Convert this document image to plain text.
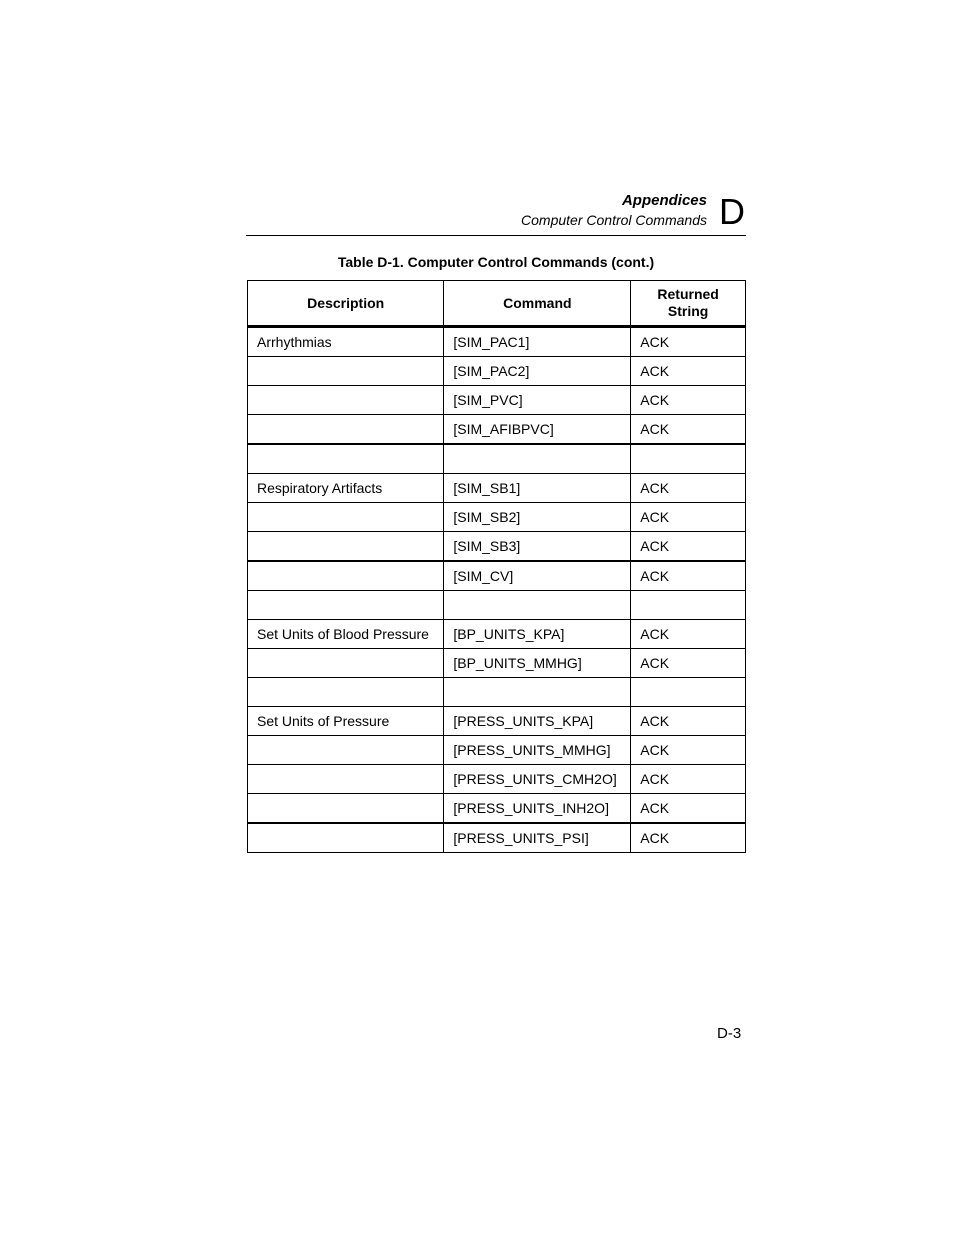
Appendices
Computer Control Commands D
Table D-1. Computer Control Commands (cont.)
Description	Command	Returned
String
Arrhythmias	[SIM_PAC1]	ACK
	[SIM_PAC2]	ACK
	[SIM_PVC]	ACK
	[SIM_AFIBPVC]	ACK

Respiratory Artifacts	[SIM_SB1]	ACK
	[SIM_SB2]	ACK
	[SIM_SB3]	ACK
	[SIM_CV]	ACK

Set Units of Blood Pressure	[BP_UNITS_KPA]	ACK
	[BP_UNITS_MMHG]	ACK

Set Units of Pressure	[PRESS_UNITS_KPA]	ACK
	[PRESS_UNITS_MMHG]	ACK
	[PRESS_UNITS_CMH2O]	ACK
	[PRESS_UNITS_INH2O]	ACK
	[PRESS_UNITS_PSI]	ACK
D-3
